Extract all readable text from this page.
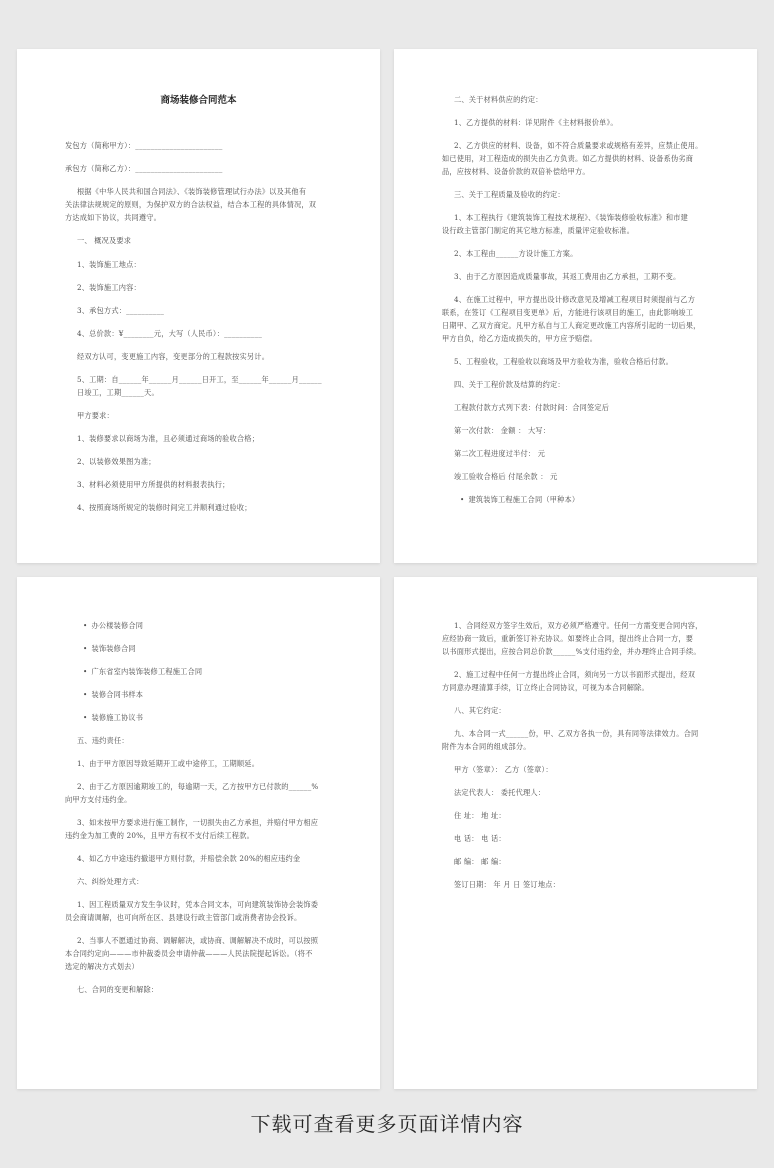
商场装修合同范本
发包方（简称甲方）：_______________________
承包方（简称乙方）：_______________________
根据《中华人民共和国合同法》、《装饰装修管理试行办法》以及其他有
关法律法规规定的原则，为保护双方的合法权益，结合本工程的具体情况，双
方达成如下协议，共同遵守。
一、 概况及要求
1、装饰施工地点：
2、装饰施工内容：
3、承包方式：__________
4、总价款：¥________元，大写（人民币）：__________
经双方认可，变更施工内容，变更部分的工程款按实另计。
5、工期：自______年______月______日开工，至______年______月______
日竣工，工期______天。
甲方要求：
1、装修要求以商场为准，且必须通过商场的验收合格；
2、以装修效果图为准；
3、材料必须使用甲方所提供的材料报表执行；
4、按照商场所规定的装修时间完工并顺利通过验收；
二、关于材料供应的约定：
1、乙方提供的材料：详见附件《主材料报价单》。
2、乙方供应的材料、设备，如不符合质量要求或规格有差异，应禁止使用。
如已使用，对工程造成的损失由乙方负责。如乙方提供的材料、设备系伪劣商
品，应按材料、设备价款的双倍补偿给甲方。
三、关于工程质量及验收的约定：
1、本工程执行《建筑装饰工程技术规程》、《装饰装修验收标准》和市建
设行政主管部门制定的其它地方标准，质量评定验收标准。
2、本工程由______方设计施工方案。
3、由于乙方原因造成质量事故，其返工费用由乙方承担，工期不变。
4、在施工过程中，甲方提出设计修改意见及增减工程项目时须提前与乙方
联系，在签订《工程项目变更单》后，方能进行该项目的施工，由此影响竣工
日期甲、乙双方商定。凡甲方私自与工人商定更改施工内容所引起的一切后果，
甲方自负，给乙方造成损失的，甲方应予赔偿。
5、工程验收，工程验收以商场及甲方验收为准，验收合格后付款。
四、关于工程价款及结算的约定：
工程款付款方式列下表：付款时间：合同签定后
第一次付款： 金额 ： 大写：
第二次工程进度过半付： 元
竣工验收合格后 付尾余款 ： 元
• 建筑装饰工程施工合同（甲种本）
• 办公楼装修合同
• 装饰装修合同
• 广东省室内装饰装修工程施工合同
• 装修合同书样本
• 装修施工协议书
五、违约责任：
1、由于甲方原因导致延期开工或中途停工，工期顺延。
2、由于乙方原因逾期竣工的，每逾期一天，乙方按甲方已付款的______%
向甲方支付违约金。
3、如未按甲方要求进行施工制作，一切损失由乙方承担，并赔付甲方相应
违约金为加工费的 20%，且甲方有权不支付后续工程款。
4、如乙方中途违约撤退甲方则付款，并赔偿余款 20%的相应违约金
六、纠纷处理方式：
1、因工程质量双方发生争议时，凭本合同文本，可向建筑装饰协会装饰委
员会商请调解，也可向所在区、县建设行政主管部门或消费者协会投诉。
2、当事人不愿通过协商、调解解决，或协商、调解解决不成时，可以按照
本合同约定向———市仲裁委员会申请仲裁———人民法院提起诉讼。（将不
选定的解决方式划去）
七、合同的变更和解除：
1、合同经双方签字生效后，双方必须严格遵守。任何一方需变更合同内容，
应经协商一致后，重新签订补充协议。如要终止合同，提出终止合同一方，要
以书面形式提出，应按合同总价款______%支付违约金，并办理终止合同手续。
2、施工过程中任何一方提出终止合同，须向另一方以书面形式提出，经双
方同意办理清算手续，订立终止合同协议，可视为本合同解除。
八、其它约定：
九、本合同一式______份，甲、乙双方各执一份，具有同等法律效力。合同
附件为本合同的组成部分。
甲方（签章）： 乙方（签章）：
法定代表人： 委托代理人：
住 址： 地 址：
电 话： 电 话：
邮 编： 邮 编：
签订日期： 年 月 日 签订地点：
下载可查看更多页面详情内容
